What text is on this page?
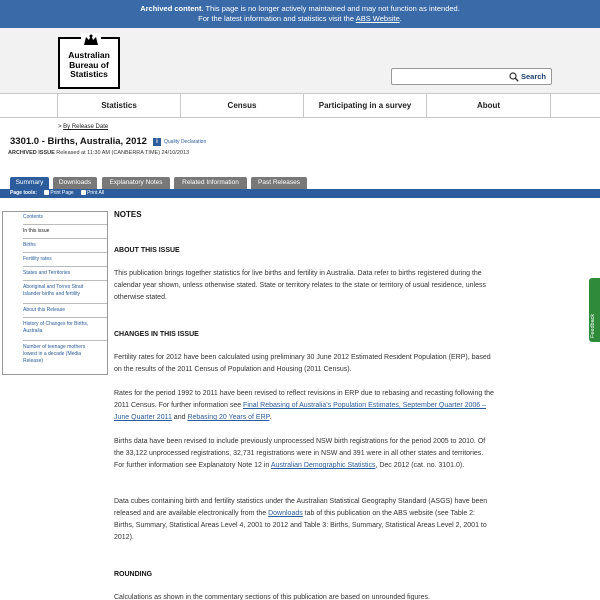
Archived content. This page is no longer actively maintained and may not function as intended.
For the latest information and statistics visit the ABS Website.
Australian
Bureau of
Statistics	Search
Statistics	Census	Participating in a survey	About
> By Release Date
3301.0 - Births, Australia, 2012	i	Quality Declaration
ARCHIVED ISSUE Released at 11:30 AM (CANBERRA TIME) 24/10/2013
Summary	Downloads	Explanatory Notes	Related Information	Past Releases
Page tools:	Print Page	Print All
Contents
In this issue
Births
Fertility rates
States and Territories
Aboriginal and Torres Strait
Islander births and fertility
About this Release
History of Changes for Births,
Australia
Number of teenage mothers
lowest in a decade (Media
Release)
NOTES
ABOUT THIS ISSUE
This publication brings together statistics for live births and fertility in Australia. Data refer to births registered during the calendar year shown, unless otherwise stated. State or territory relates to the state or territory of usual residence, unless otherwise stated.
CHANGES IN THIS ISSUE
Fertility rates for 2012 have been calculated using preliminary 30 June 2012 Estimated Resident Population (ERP), based on the results of the 2011 Census of Population and Housing (2011 Census).
Rates for the period 1992 to 2011 have been revised to reflect revisions in ERP due to rebasing and recasting following the 2011 Census. For further information see Final Rebasing of Australia's Population Estimates, September Quarter 2006 – June Quarter 2011 and Rebasing 20 Years of ERP.
Births data have been revised to include previously unprocessed NSW birth registrations for the period 2005 to 2010. Of the 33,122 unprocessed registrations, 32,731 registrations were in NSW and 391 were in all other states and territories. For further information see Explanatory Note 12 in Australian Demographic Statistics, Dec 2012 (cat. no. 3101.0).
Data cubes containing birth and fertility statistics under the Australian Statistical Geography Standard (ASGS) have been released and are available electronically from the Downloads tab of this publication on the ABS website (see Table 2: Births, Summary, Statistical Areas Level 4, 2001 to 2012 and Table 3: Births, Summary, Statistical Areas Level 2, 2001 to 2012).
ROUNDING
Calculations as shown in the commentary sections of this publication are based on unrounded figures.
Feedback
